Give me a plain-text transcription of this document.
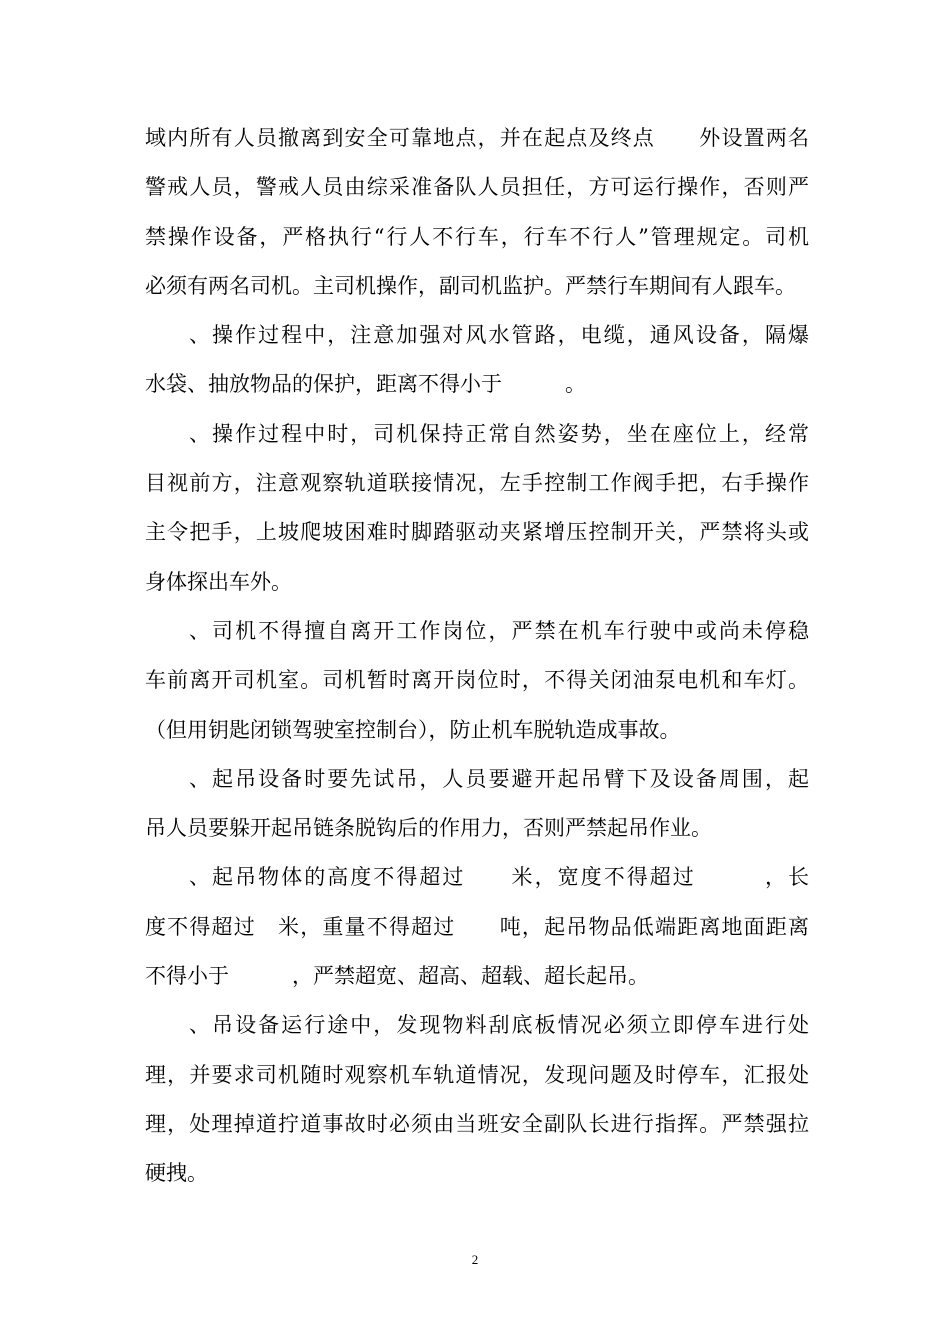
域内所有人员撤离到安全可靠地点，并在起点及终点　　外设置两名
警戒人员，警戒人员由综采准备队人员担任，方可运行操作，否则严
禁操作设备，严格执行“行人不行车，行车不行人”管理规定。司机
必须有两名司机。主司机操作，副司机监护。严禁行车期间有人跟车。
、操作过程中，注意加强对风水管路，电缆，通风设备，隔爆
水袋、抽放物品的保护，距离不得小于　　　。
、操作过程中时，司机保持正常自然姿势，坐在座位上，经常
目视前方，注意观察轨道联接情况，左手控制工作阀手把，右手操作
主令把手，上坡爬坡困难时脚踏驱动夹紧增压控制开关，严禁将头或
身体探出车外。
、司机不得擅自离开工作岗位，严禁在机车行驶中或尚未停稳
车前离开司机室。司机暂时离开岗位时，不得关闭油泵电机和车灯。
（但用钥匙闭锁驾驶室控制台），防止机车脱轨造成事故。
、起吊设备时要先试吊，人员要避开起吊臂下及设备周围，起
吊人员要躲开起吊链条脱钩后的作用力，否则严禁起吊作业。
、起吊物体的高度不得超过　　米，宽度不得超过　　　，长
度不得超过　米，重量不得超过　　吨，起吊物品低端距离地面距离
不得小于　　　，严禁超宽、超高、超载、超长起吊。
、吊设备运行途中，发现物料刮底板情况必须立即停车进行处
理，并要求司机随时观察机车轨道情况，发现问题及时停车，汇报处
理，处理掉道拧道事故时必须由当班安全副队长进行指挥。严禁强拉
硬拽。
2
